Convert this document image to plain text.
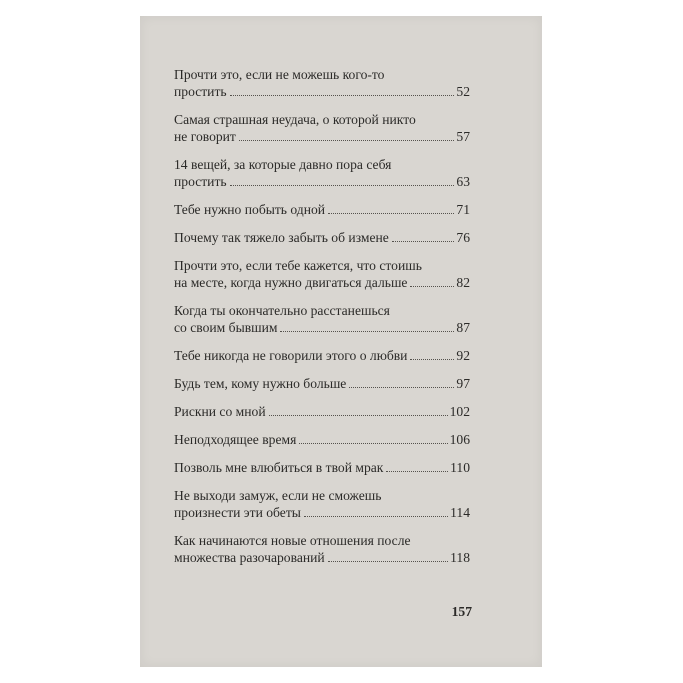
Прочти это, если не можешь кого-то
простить	52
Самая страшная неудача, о которой никто
не говорит	57
14 вещей, за которые давно пора себя
простить	63
Тебе нужно побыть одной	71
Почему так тяжело забыть об измене	76
Прочти это, если тебе кажется, что стоишь
на месте, когда нужно двигаться дальше	82
Когда ты окончательно расстанешься
со своим бывшим	87
Тебе никогда не говорили этого о любви	92
Будь тем, кому нужно больше	97
Рискни со мной	102
Неподходящее время	106
Позволь мне влюбиться в твой мрак	110
Не выходи замуж, если не сможешь
произнести эти обеты	114
Как начинаются новые отношения после
множества разочарований	118
157
